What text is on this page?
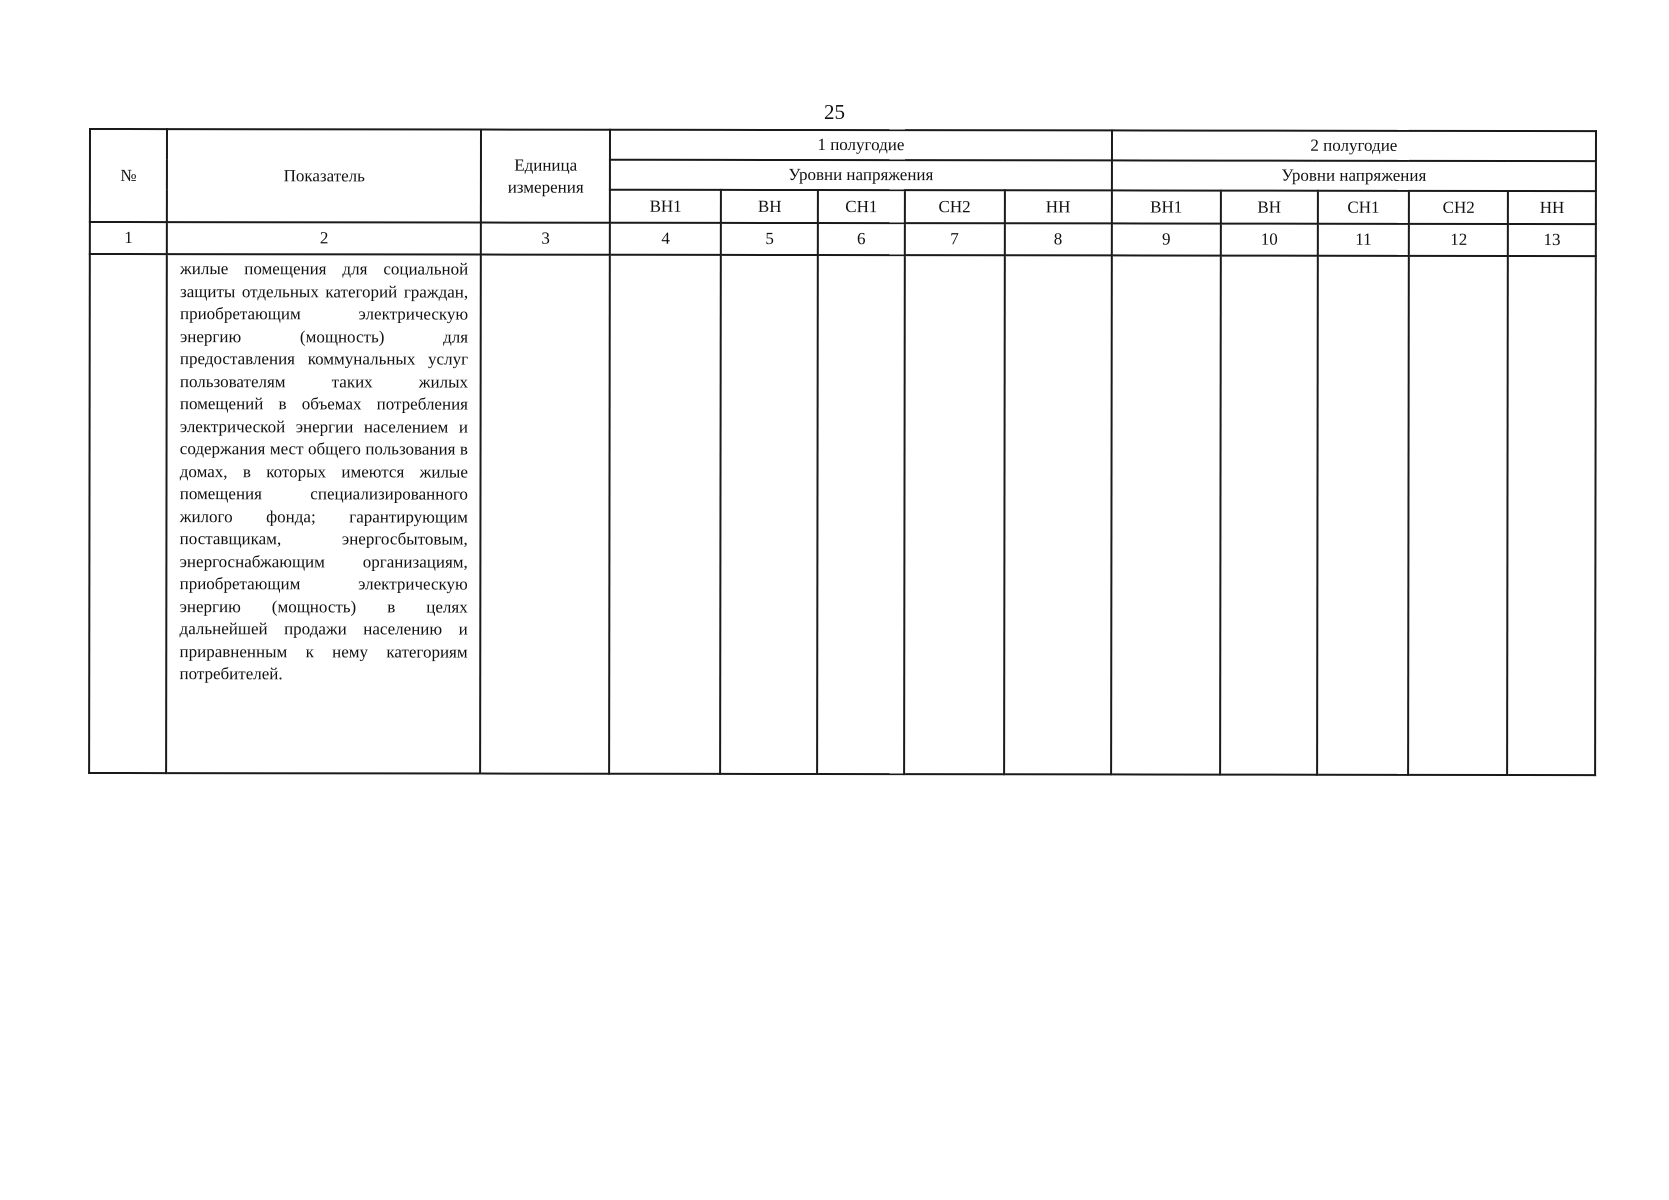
25
№	Показатель	Единица измерения	1 полугодие					2 полугодие				
			Уровни напряжения					Уровни напряжения				
			ВН1	ВН	СН1	СН2	НН	ВН1	ВН	СН1	СН2	НН
1	2	3	4	5	6	7	8	9	10	11	12	13
	жилые помещения для социальной защиты отдельных категорий граждан, приобретающим электрическую энергию (мощность) для предоставления коммунальных услуг пользователям таких жилых помещений в объемах потребления электрической энергии населением и содержания мест общего пользования в домах, в которых имеются жилые помещения специализированного жилого фонда; гарантирующим поставщикам, энергосбытовым, энергоснабжающим организациям, приобретающим электрическую энергию (мощность) в целях дальнейшей продажи населению и приравненным к нему категориям потребителей.											
